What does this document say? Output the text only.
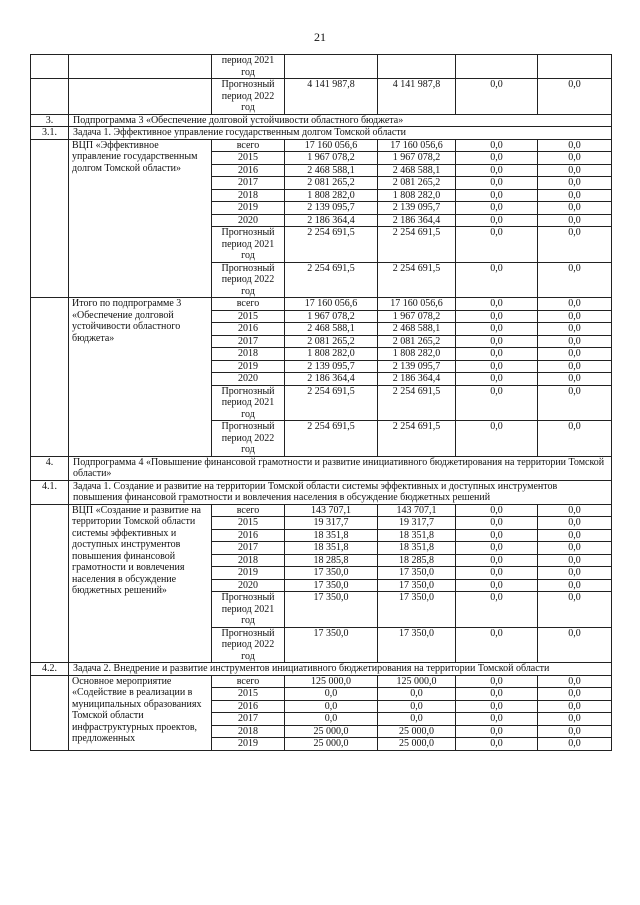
21
		период 2021 год				
		Прогнозный период 2022 год	4 141 987,8	4 141 987,8	0,0	0,0
3.	Подпрограмма 3 «Обеспечение долговой устойчивости областного бюджета»					
3.1.	Задача 1. Эффективное управление государственным долгом Томской области					
	ВЦП «Эффективное управление государственным долгом Томской области»	всего	17 160 056,6	17 160 056,6	0,0	0,0
		2015	1 967 078,2	1 967 078,2	0,0	0,0
		2016	2 468 588,1	2 468 588,1	0,0	0,0
		2017	2 081 265,2	2 081 265,2	0,0	0,0
		2018	1 808 282,0	1 808 282,0	0,0	0,0
		2019	2 139 095,7	2 139 095,7	0,0	0,0
		2020	2 186 364,4	2 186 364,4	0,0	0,0
		Прогнозный период 2021 год	2 254 691,5	2 254 691,5	0,0	0,0
		Прогнозный период 2022 год	2 254 691,5	2 254 691,5	0,0	0,0
	Итого по подпрограмме 3 «Обеспечение долговой устойчивости областного бюджета»	всего	17 160 056,6	17 160 056,6	0,0	0,0
		2015	1 967 078,2	1 967 078,2	0,0	0,0
		2016	2 468 588,1	2 468 588,1	0,0	0,0
		2017	2 081 265,2	2 081 265,2	0,0	0,0
		2018	1 808 282,0	1 808 282,0	0,0	0,0
		2019	2 139 095,7	2 139 095,7	0,0	0,0
		2020	2 186 364,4	2 186 364,4	0,0	0,0
		Прогнозный период 2021 год	2 254 691,5	2 254 691,5	0,0	0,0
		Прогнозный период 2022 год	2 254 691,5	2 254 691,5	0,0	0,0
4.	Подпрограмма 4 «Повышение финансовой грамотности и развитие инициативного бюджетирования на территории Томской области»					
4.1.	Задача 1. Создание и развитие на территории Томской области системы эффективных и доступных инструментов повышения финансовой грамотности и вовлечения населения в обсуждение бюджетных решений					
	ВЦП «Создание и развитие на территории Томской области системы эффективных и доступных инструментов повышения финансовой грамотности и вовлечения населения в обсуждение бюджетных решений»	всего	143 707,1	143 707,1	0,0	0,0
		2015	19 317,7	19 317,7	0,0	0,0
		2016	18 351,8	18 351,8	0,0	0,0
		2017	18 351,8	18 351,8	0,0	0,0
		2018	18 285,8	18 285,8	0,0	0,0
		2019	17 350,0	17 350,0	0,0	0,0
		2020	17 350,0	17 350,0	0,0	0,0
		Прогнозный период 2021 год	17 350,0	17 350,0	0,0	0,0
		Прогнозный период 2022 год	17 350,0	17 350,0	0,0	0,0
4.2.	Задача 2. Внедрение и развитие инструментов инициативного бюджетирования на территории Томской области					
	Основное мероприятие «Содействие в реализации в муниципальных образованиях Томской области инфраструктурных проектов, предложенных	всего	125 000,0	125 000,0	0,0	0,0
		2015	0,0	0,0	0,0	0,0
		2016	0,0	0,0	0,0	0,0
		2017	0,0	0,0	0,0	0,0
		2018	25 000,0	25 000,0	0,0	0,0
		2019	25 000,0	25 000,0	0,0	0,0
